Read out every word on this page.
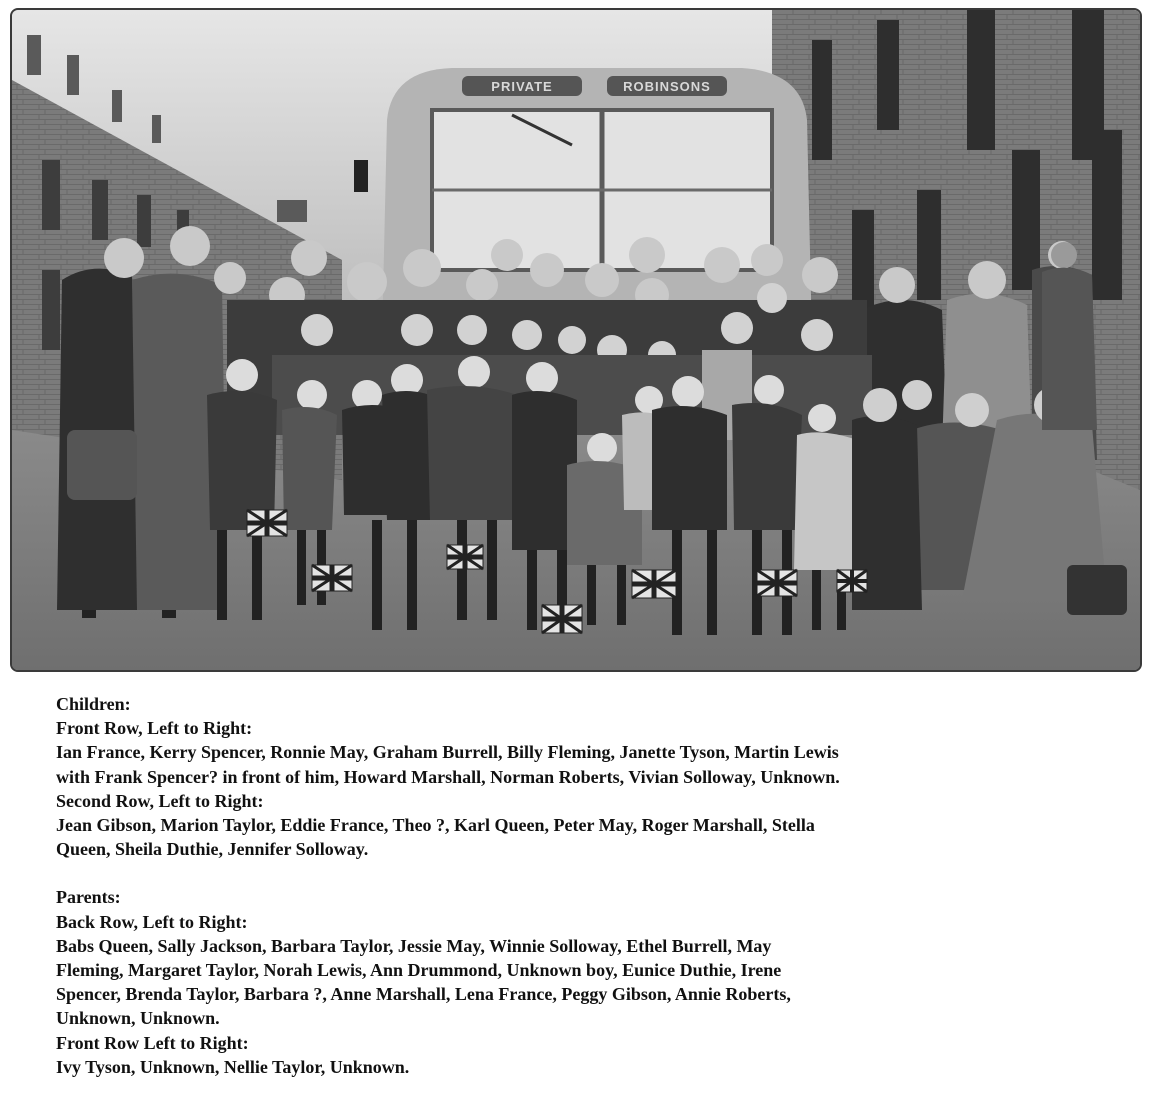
PRIVATE	ROBINSONS

Children:

Front Row, Left to Right:

Ian France, Kerry Spencer, Ronnie May, Graham Burrell, Billy Fleming, Janette Tyson, Martin Lewis

with Frank Spencer? in front of him, Howard Marshall, Norman Roberts, Vivian Solloway, Unknown.

Second Row, Left to Right:

Jean Gibson, Marion Taylor, Eddie France, Theo ?, Karl Queen, Peter May, Roger Marshall, Stella

Queen, Sheila Duthie, Jennifer Solloway.

Parents:

Back Row, Left to Right:

Babs Queen, Sally Jackson, Barbara Taylor, Jessie May, Winnie Solloway, Ethel Burrell, May

Fleming, Margaret Taylor, Norah Lewis, Ann Drummond, Unknown boy, Eunice Duthie, Irene

Spencer, Brenda Taylor, Barbara ?, Anne Marshall, Lena France, Peggy Gibson, Annie Roberts,

Unknown, Unknown.

Front Row Left to Right:

Ivy Tyson, Unknown, Nellie Taylor, Unknown.
